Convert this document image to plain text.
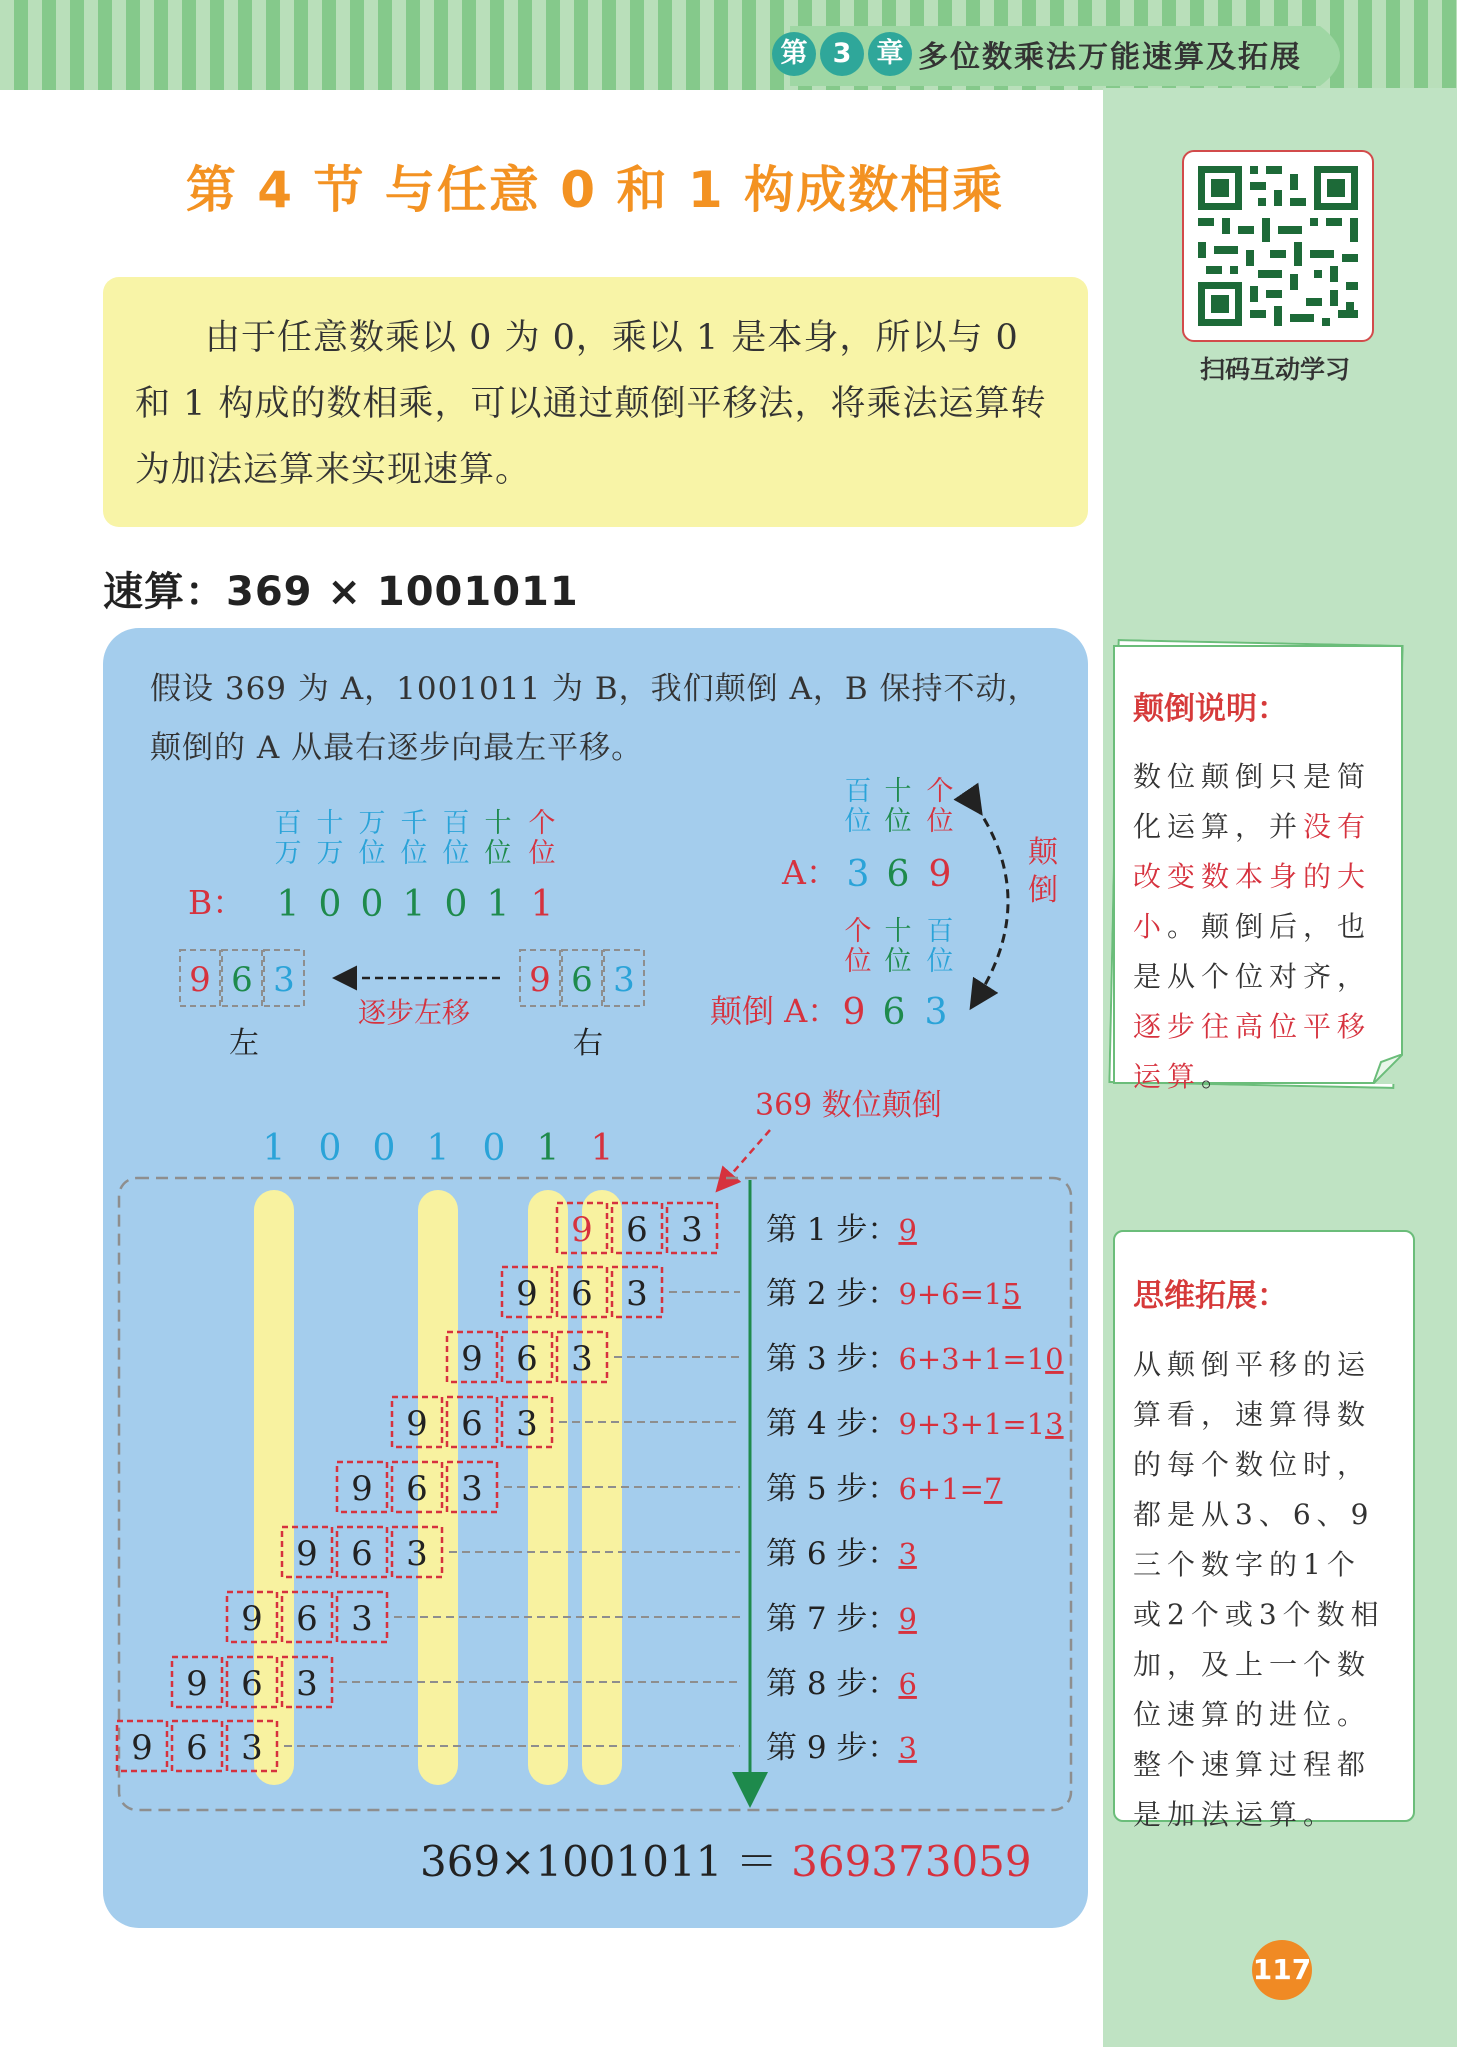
第 3 章 多位数乘法万能速算及拓展
第 4 节 与任意 0 和 1 构成数相乘
扫码互动学习
由于任意数乘以 0 为 0，乘以 1 是本身，所以与 0 和 1 构成的数相乘，可以通过颠倒平移法，将乘法运算转为加法运算来实现速算。
速算：369 × 1001011
假设 369 为 A，1001011 为 B，我们颠倒 A，B 保持不动，颠倒的 A 从最右逐步向最左平移。
百
万
十
万
万
位
千
位
百
位
十
位
个
位
B： 1 0 0 1 0 1 1
9 6 3	9 6 3
逐步左移
左	右
百
位
十
位
个
位
A： 3 6 9
颠
倒
个
位
十
位
百
位
颠倒 A： 9 6 3
369 数位颠倒
1 0 0 1 0 1 1
9 6 3
9 6 3
9 6 3
9 6 3
9 6 3
9 6 3
9 6 3
9 6 3
9 6 3
第 1 步：9
第 2 步：9+6=15
第 3 步：6+3+1=10
第 4 步：9+3+1=13
第 5 步：6+1=7
第 6 步：3
第 7 步：9
第 8 步：6
第 9 步：3
369×1001011 ＝ 369373059
颠倒说明：
数位颠倒只是简化运算，并没有改变数本身的大小。颠倒后，也是从个位对齐，逐步往高位平移运算。
思维拓展：
从颠倒平移的运算看，速算得数的每个数位时，都是从3、6、9三个数字的1个或2个或3个数相加，及上一个数位速算的进位。整个速算过程都是加法运算。
117
